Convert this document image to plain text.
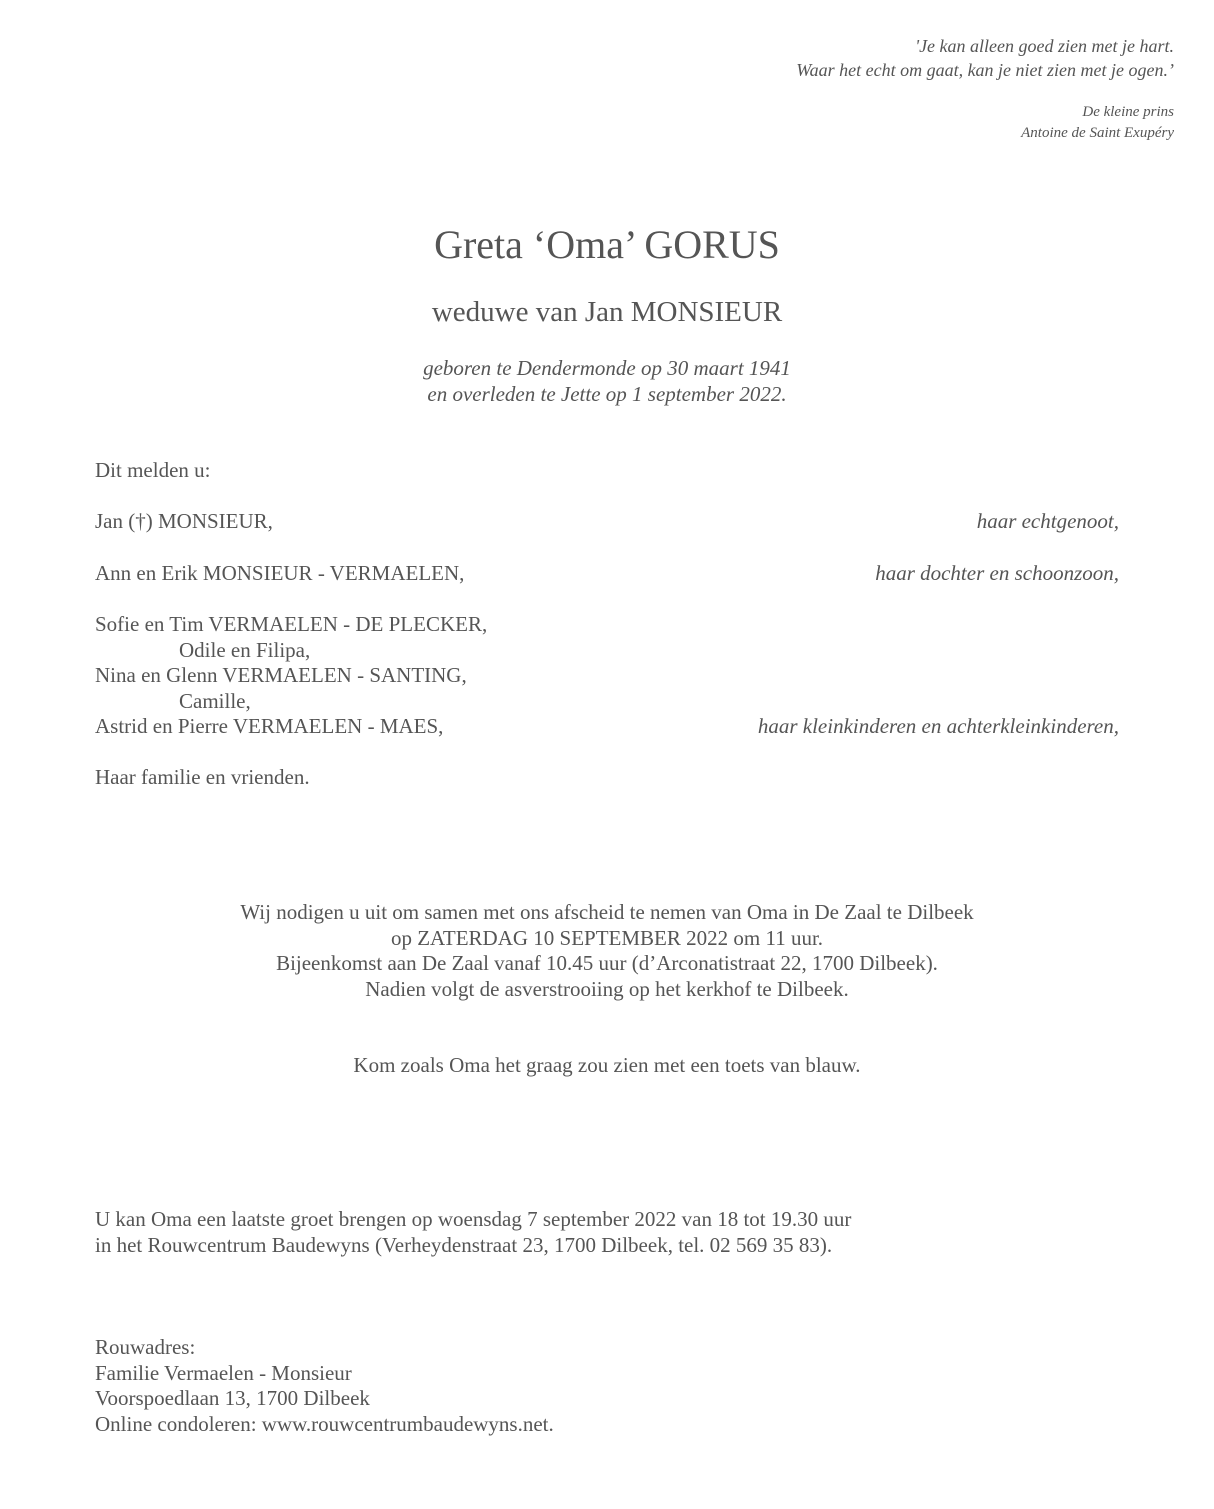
'Je kan alleen goed zien met je hart.
Waar het echt om gaat, kan je niet zien met je ogen.’
De kleine prins
Antoine de Saint Exupéry
Greta ‘Oma’ GORUS
weduwe van Jan MONSIEUR
geboren te Dendermonde op 30 maart 1941
en overleden te Jette op 1 september 2022.
Dit melden u:
Jan (†) MONSIEUR,	haar echtgenoot,
Ann en Erik MONSIEUR - VERMAELEN,	haar dochter en schoonzoon,
Sofie en Tim VERMAELEN - DE PLECKER,
Odile en Filipa,
Nina en Glenn VERMAELEN - SANTING,
Camille,
Astrid en Pierre VERMAELEN - MAES,	haar kleinkinderen en achterkleinkinderen,
Haar familie en vrienden.
Wij nodigen u uit om samen met ons afscheid te nemen van Oma in De Zaal te Dilbeek
op ZATERDAG 10 SEPTEMBER 2022 om 11 uur.
Bijeenkomst aan De Zaal vanaf 10.45 uur (d’Arconatistraat 22, 1700 Dilbeek).
Nadien volgt de asverstrooiing op het kerkhof te Dilbeek.
Kom zoals Oma het graag zou zien met een toets van blauw.
U kan Oma een laatste groet brengen op woensdag 7 september 2022 van 18 tot 19.30 uur
in het Rouwcentrum Baudewyns (Verheydenstraat 23, 1700 Dilbeek, tel. 02 569 35 83).
Rouwadres:
Familie Vermaelen - Monsieur
Voorspoedlaan 13, 1700 Dilbeek
Online condoleren: www.rouwcentrumbaudewyns.net.
